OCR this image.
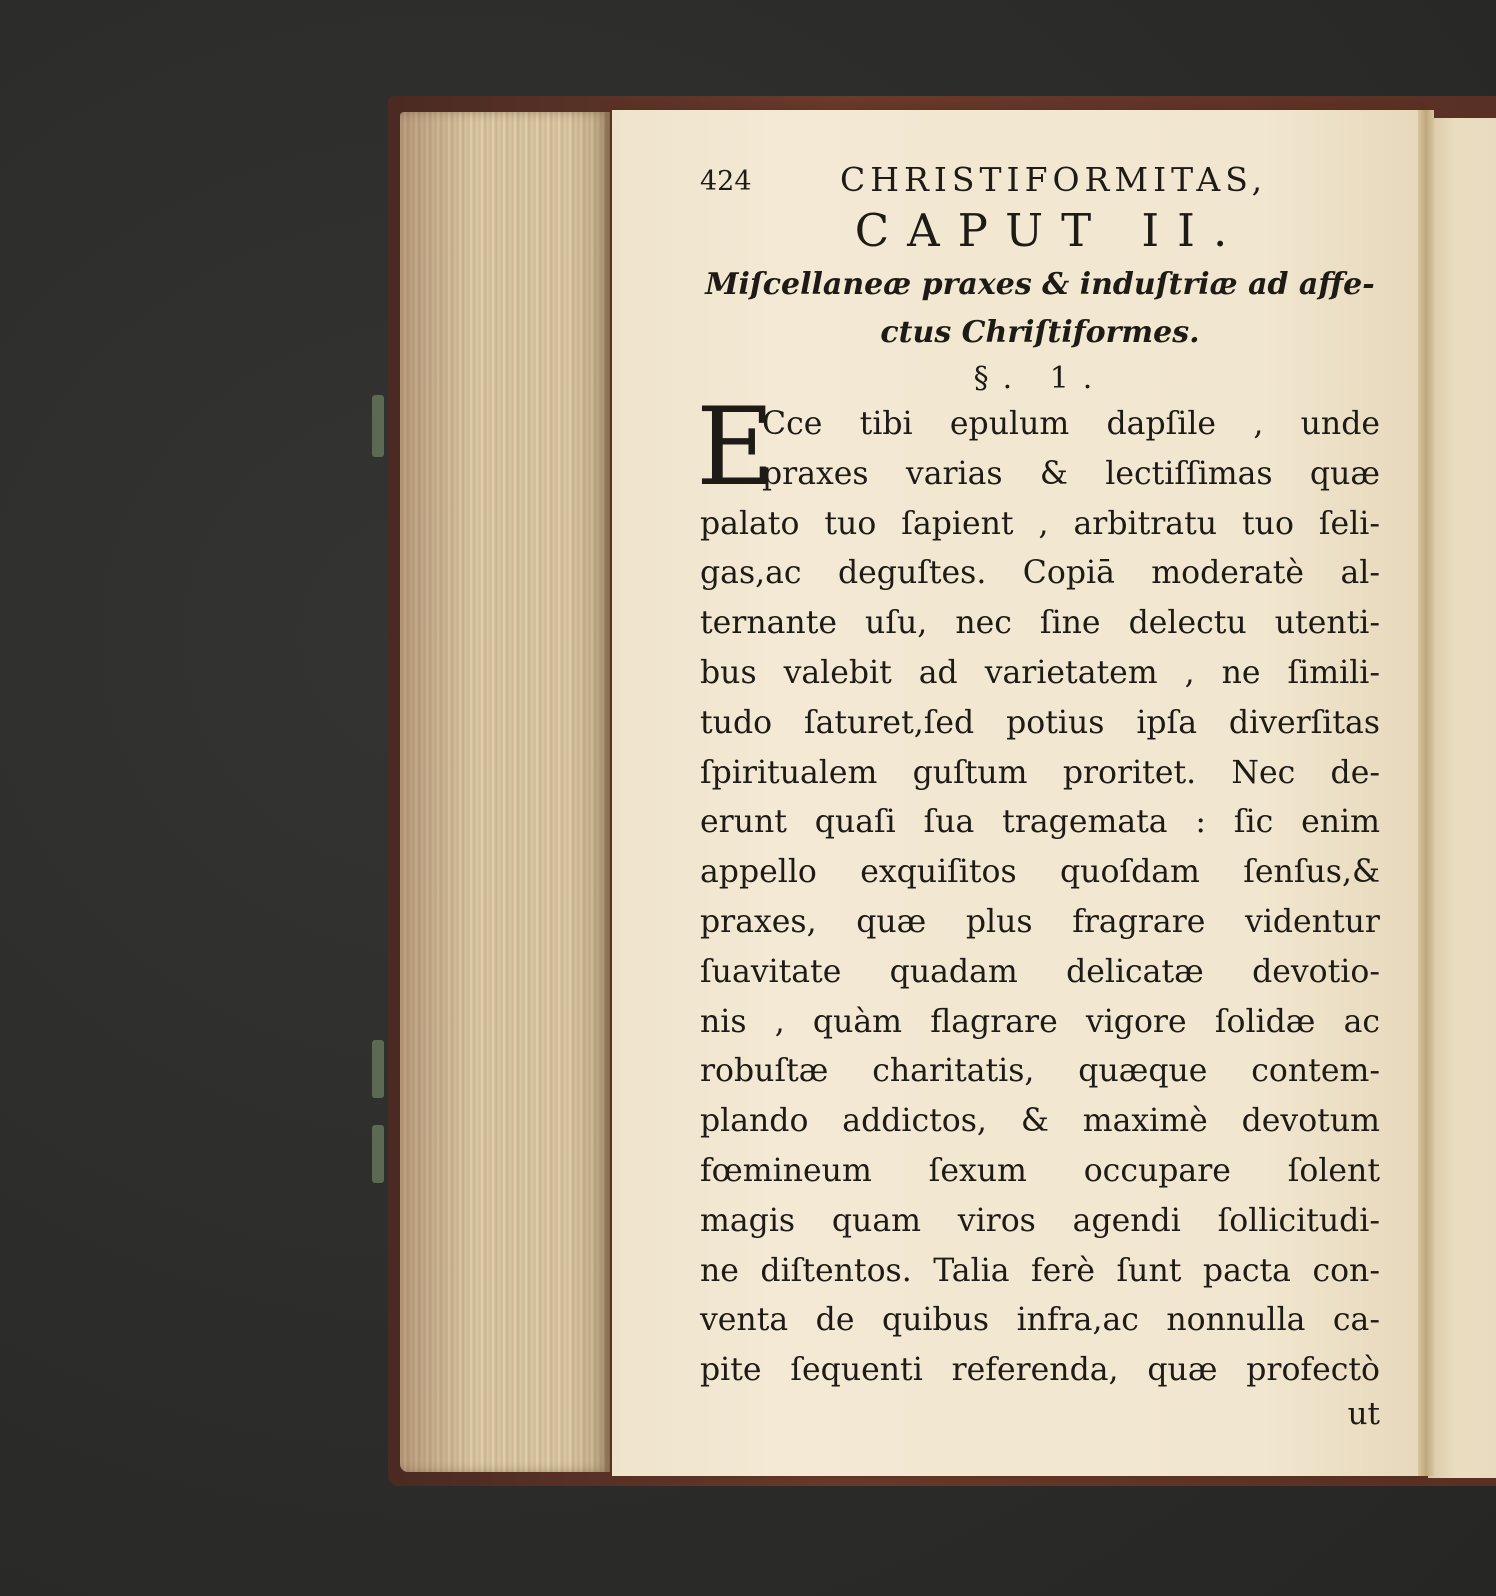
424	CHRISTIFORMITAS,
CAPUT II.
Miſcellaneæ praxes & induſtriæ ad affe-
ctus Chriſtiformes.
§. 1.
E
Cce tibi epulum dapſile , unde
praxes varias & lectiſſimas quæ
palato tuo ſapient , arbitratu tuo ſeli-
gas,ac deguſtes. Copiā moderatè al-
ternante uſu, nec ſine delectu utenti-
bus valebit ad varietatem , ne ſimili-
tudo ſaturet,ſed potius ipſa diverſitas
ſpiritualem guſtum proritet. Nec de-
erunt quaſi ſua tragemata : ſic enim
appello exquiſitos quoſdam ſenſus,&
praxes, quæ plus fragrare videntur
ſuavitate quadam delicatæ devotio-
nis , quàm flagrare vigore ſolidæ ac
robuſtæ charitatis, quæque contem-
plando addictos, & maximè devotum
fœmineum ſexum occupare ſolent
magis quam viros agendi ſollicitudi-
ne diſtentos. Talia ferè ſunt pacta con-
venta de quibus infra,ac nonnulla ca-
pite ſequenti referenda, quæ profectò
ut
